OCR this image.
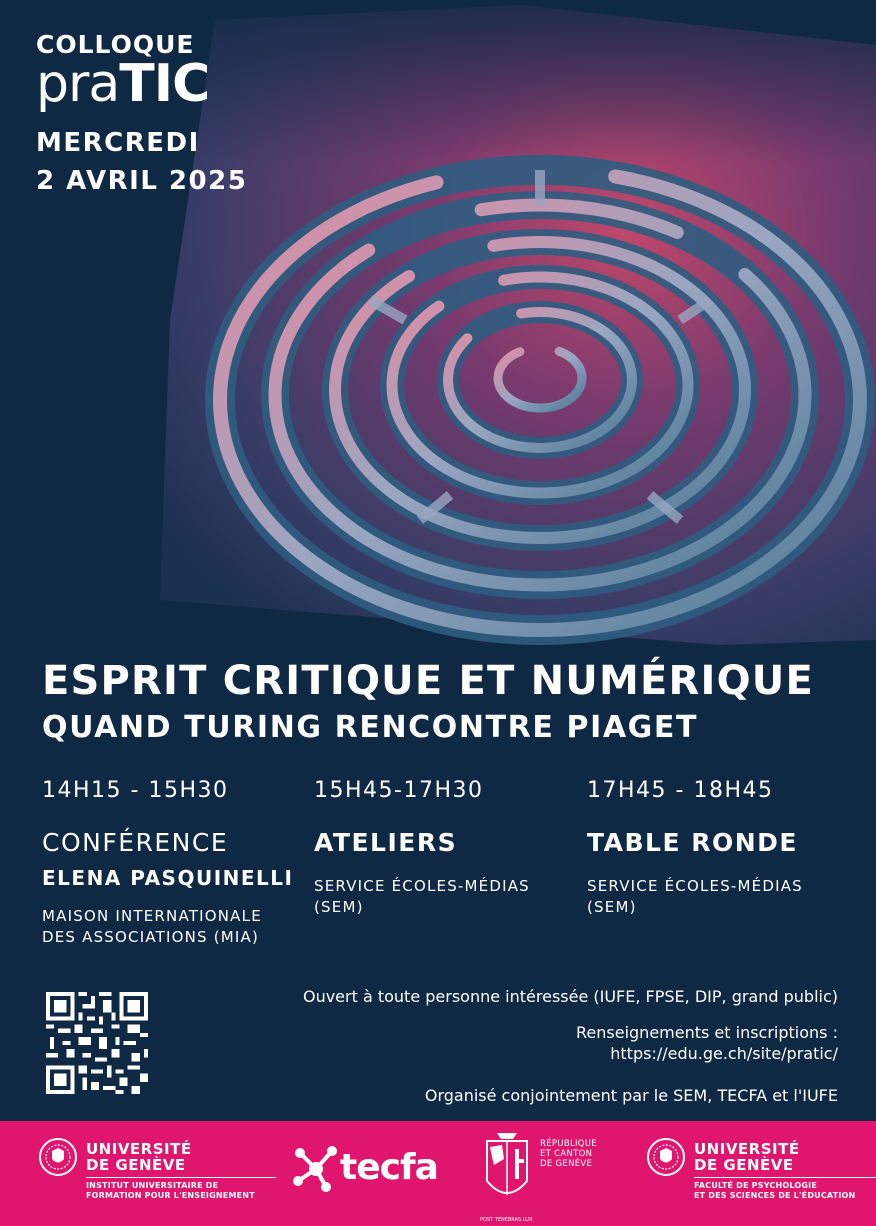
COLLOQUE
praTIC
MERCREDI
2 AVRIL 2025
ESPRIT CRITIQUE ET NUMÉRIQUE
QUAND TURING RENCONTRE PIAGET
14H15 - 15H30
CONFÉRENCE
ELENA PASQUINELLI
MAISON INTERNATIONALE
DES ASSOCIATIONS (MIA)
15H45-17H30
ATELIERS
SERVICE ÉCOLES-MÉDIAS
(SEM)
17H45 - 18H45
TABLE RONDE
SERVICE ÉCOLES-MÉDIAS
(SEM)
Ouvert à toute personne intéressée (IUFE, FPSE, DIP, grand public)
Renseignements et inscriptions :
https://edu.ge.ch/site/pratic/
Organisé conjointement par le SEM, TECFA et l'IUFE
UNIVERSITÉ
DE GENÈVE
INSTITUT UNIVERSITAIRE DE
FORMATION POUR L'ENSEIGNEMENT
tecfa
RÉPUBLIQUE
ET CANTON
DE GENÈVE
POST TENEBRAS LUX
UNIVERSITÉ
DE GENÈVE
FACULTÉ DE PSYCHOLOGIE
ET DES SCIENCES DE L'ÉDUCATION
